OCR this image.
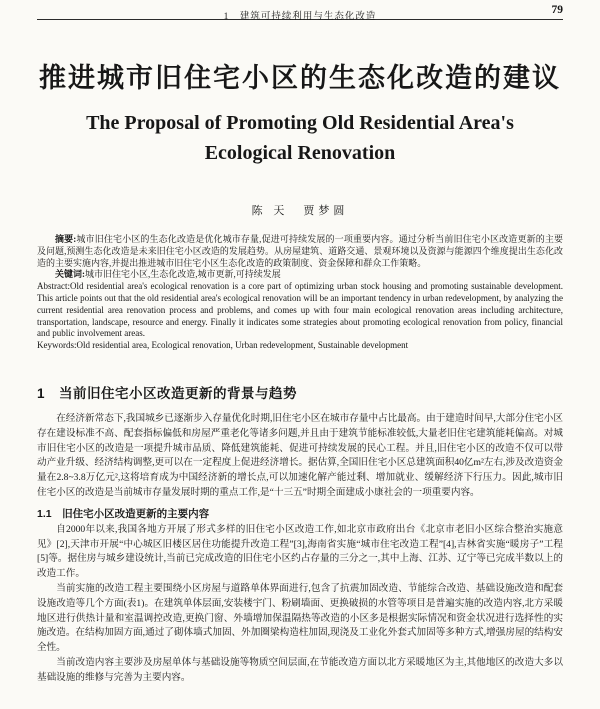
1　建筑可持续利用与生态化改造
79
推进城市旧住宅小区的生态化改造的建议
The Proposal of Promoting Old Residential Area's
Ecological Renovation
陈 天　贾梦圆

摘要:城市旧住宅小区的生态化改造是优化城市存量,促进可持续发展的一项重要内容。通过分析当前旧住宅小区改造更新的主要及问题,预测生态化改造是未来旧住宅小区改造的发展趋势。从房屋建筑、道路交通、景观环境以及资源与能源四个维度提出生态化改造的主要实施内容,并提出推进城市旧住宅小区生态化改造的政策制度、资金保障和群众工作策略。

关键词:城市旧住宅小区,生态化改造,城市更新,可持续发展

Abstract:Old residential area's ecological renovation is a core part of optimizing urban stock housing and promoting sustainable development. This article points out that the old residential area's ecological renovation will be an important tendency in urban redevelopment, by analyzing the current residential area renovation process and problems, and comes up with four main ecological renovation areas including architecture, transportation, landscape, resource and energy. Finally it indicates some strategies about promoting ecological renovation from policy, financial and public involvement areas.

Keywords:Old residential area, Ecological renovation, Urban redevelopment, Sustainable development

1　当前旧住宅小区改造更新的背景与趋势

在经济新常态下,我国城乡已逐渐步入存量优化时期,旧住宅小区在城市存量中占比最高。由于建造时间早,大部分住宅小区存在建设标准不高、配套指标偏低和房屋严重老化等诸多问题,并且由于建筑节能标准较低,大量老旧住宅建筑能耗偏高。对城市旧住宅小区的改造是一项提升城市品质、降低建筑能耗、促进可持续发展的民心工程。并且,旧住宅小区的改造不仅可以带动产业升级、经济结构调整,更可以在一定程度上促进经济增长。据估算,全国旧住宅小区总建筑面积40亿m²左右,涉及改造资金量在2.8~3.8万亿元²,这将培育成为中国经济新的增长点,可以加速化解产能过剩、增加就业、缓解经济下行压力。因此,城市旧住宅小区的改造是当前城市存量发展时期的重点工作,是“十三五”时期全面建成小康社会的一项重要内容。

1.1　旧住宅小区改造更新的主要内容

自2000年以来,我国各地方开展了形式多样的旧住宅小区改造工作,如北京市政府出台《北京市老旧小区综合整治实施意见》[2],天津市开展“中心城区旧楼区居住功能提升改造工程”[3],海南省实施“城市住宅改造工程”[4],吉林省实施“暖房子”工程[5]等。据住房与城乡建设统计,当前已完成改造的旧住宅小区约占存量的三分之一,其中上海、江苏、辽宁等已完成半数以上的改造工作。

当前实施的改造工程主要围绕小区房屋与道路单体界面进行,包含了抗震加固改造、节能综合改造、基础设施改造和配套设施改造等几个方面(表1)。在建筑单体层面,安装楼宇门、粉刷墙面、更换破损的水管等项目是普遍实施的改造内容,北方采暖地区进行供热计量和室温调控改造,更换门窗、外墙增加保温隔热等改造的小区多是根据实际情况和资金状况进行选择性的实施改造。在结构加固方面,通过了砌体墙式加固、外加圈梁构造柱加固,现浇及工业化外套式加固等多种方式,增强房屋的结构安全性。

当前改造内容主要涉及房屋单体与基础设施等物质空间层面,在节能改造方面以北方采暖地区为主,其他地区的改造大多以基础设施的维修与完善为主要内容。
